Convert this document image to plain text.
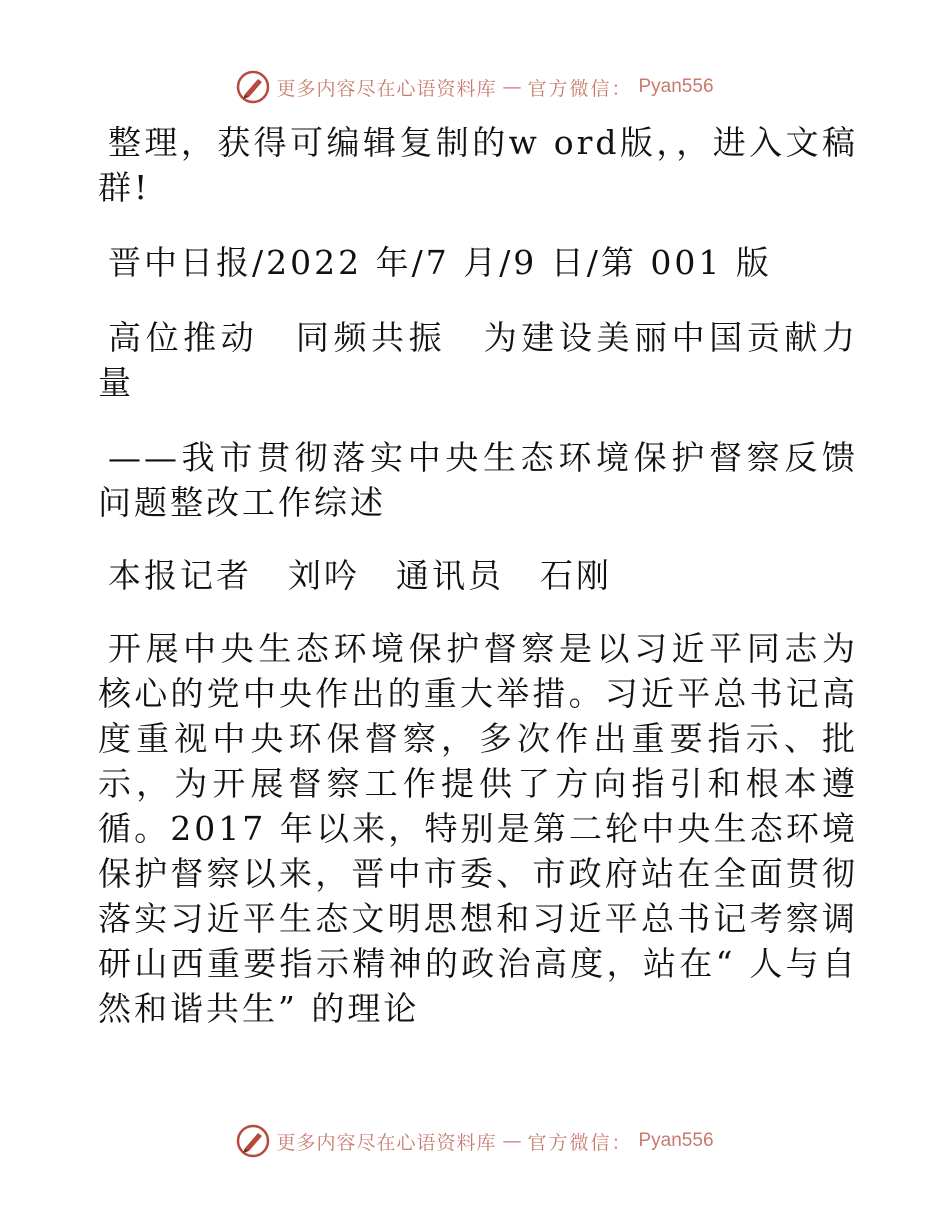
更多内容尽在心语资料库 — 官方微信： Pyan556

整理，获得可编辑复制的w ord版，，进入文稿群!

晋中日报/2022 年/7 月/9 日/第 001 版

高位推动　同频共振　为建设美丽中国贡献力量

——我市贯彻落实中央生态环境保护督察反馈问题整改工作综述

本报记者　刘吟　通讯员　石刚

开展中央生态环境保护督察是以习近平同志为核心的党中央作出的重大举措。习近平总书记高度重视中央环保督察，多次作出重要指示、批示，为开展督察工作提供了方向指引和根本遵循。2017 年以来，特别是第二轮中央生态环境保护督察以来，晋中市委、市政府站在全面贯彻落实习近平生态文明思想和习近平总书记考察调研山西重要指示精神的政治高度，站在“ 人与自然和谐共生” 的理论

更多内容尽在心语资料库 — 官方微信： Pyan556
